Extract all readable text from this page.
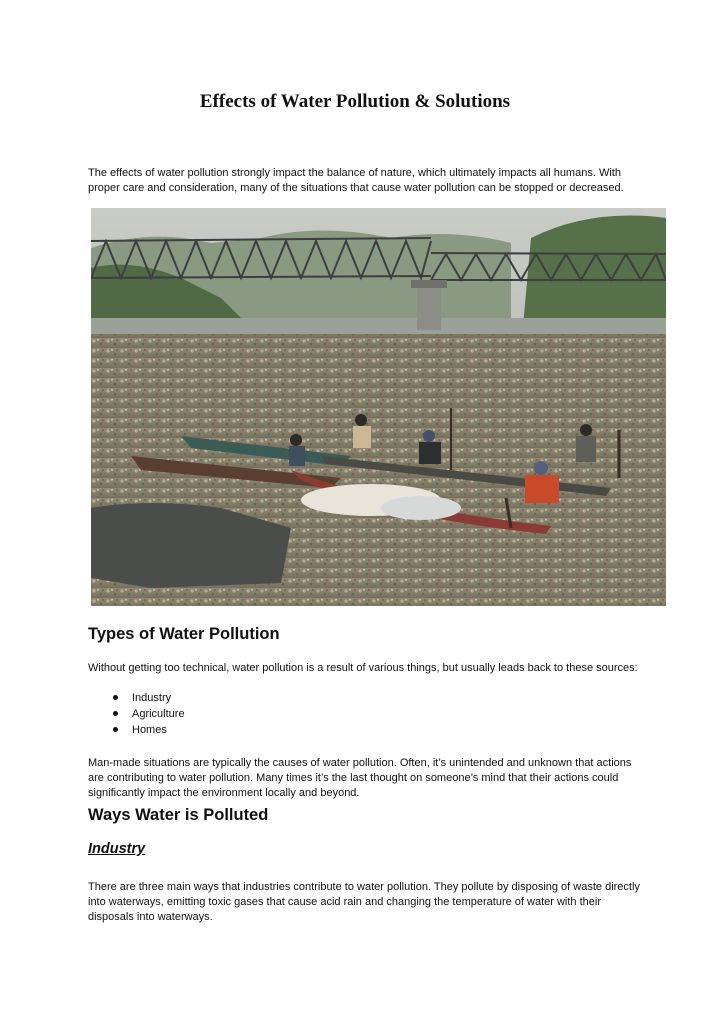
Effects of Water Pollution & Solutions
The effects of water pollution strongly impact the balance of nature, which ultimately impacts all humans. With proper care and consideration, many of the situations that cause water pollution can be stopped or decreased.
Types of Water Pollution
Without getting too technical, water pollution is a result of various things, but usually leads back to these sources:
Industry
Agriculture
Homes
Man-made situations are typically the causes of water pollution. Often, it’s unintended and unknown that actions are contributing to water pollution. Many times it’s the last thought on someone’s mind that their actions could significantly impact the environment locally and beyond.
Ways Water is Polluted
Industry
There are three main ways that industries contribute to water pollution. They pollute by disposing of waste directly into waterways, emitting toxic gases that cause acid rain and changing the temperature of water with their disposals into waterways.
